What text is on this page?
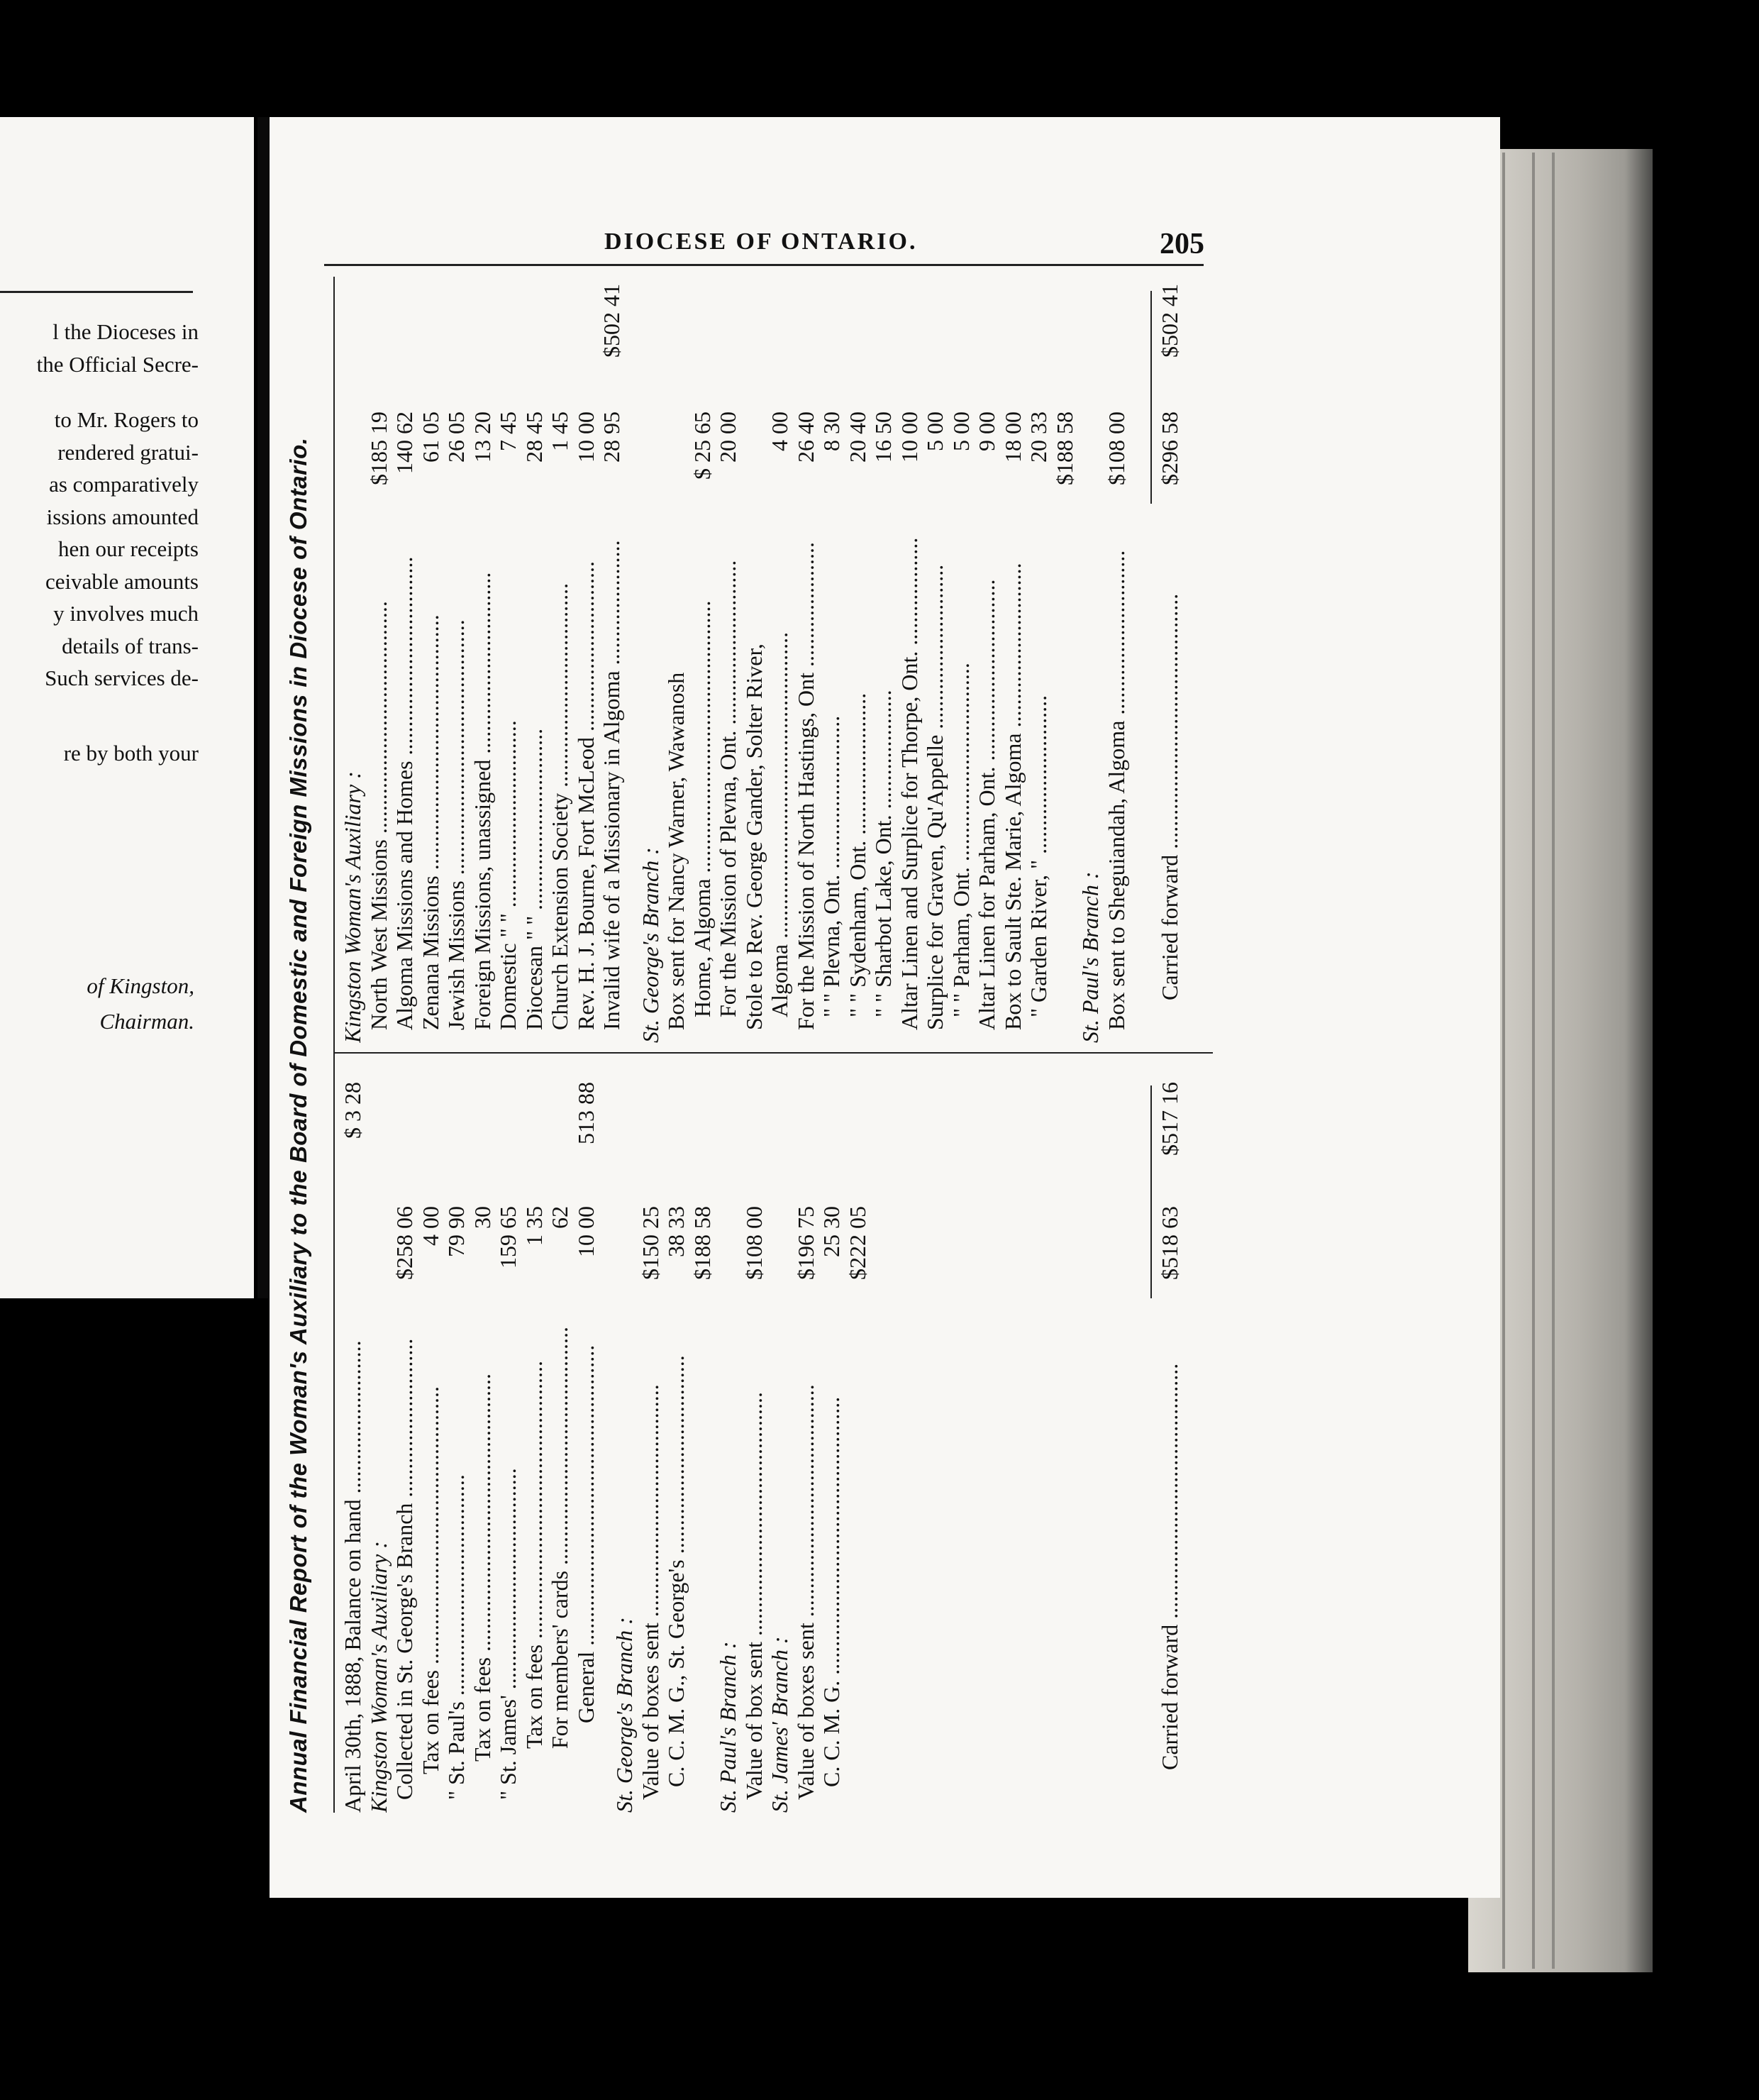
l the Dioceses in
the Official Secre-
to Mr. Rogers to
rendered gratui-
as comparatively
issions amounted
hen our receipts
ceivable amounts
y involves much
details of trans-
Such services de-
re by both your
of Kingston,
Chairman.
DIOCESE OF ONTARIO.	205
Annual Financial Report of the Woman's Auxiliary to the Board of Domestic and Foreign Missions in Diocese of Ontario. April 30th, 1888, Balance on hand ...........................
$ 3 28
Kingston Woman's Auxiliary : Collected in St. George's Branch ............................
$258 06
Tax on fees .................................................
4 00
" St. Paul's .......................................
79 90
Tax on fees .................................................
30
" St. James' .......................................
159 65
Tax on fees .................................................
1 35
For members' cards ..........................................
62
General .....................................................
10 00
513 88
St. George's Branch : Value of boxes sent .........................................
$150 25
C. C. M. G., St. George's ...................................
38 33 $188 58
St. Paul's Branch : Value of box sent ...........................................
$108 00
St. James' Branch : Value of boxes sent .........................................
$196 75
C. C. M. G. .................................................
25 30 $222 05
Carried forward .............................................
$518 63
$517 16
Kingston Woman's Auxiliary : North West Missions .........................................
$185 19
Algoma Missions and Homes ...................................
140 62
Zenana Missions .............................................
61 05
Jewish Missions .............................................
26 05
Foreign Missions, unassigned ................................
13 20
Domestic " " .................................
7 45
Diocesan " " ................................
28 45
Church Extension Society ....................................
1 45
Rev. H. J. Bourne, Fort McLeod ..............................
10 00
Invalid wife of a Missionary in Algoma ......................
28 95
$502 41
St. George's Branch : Box sent for Nancy Warner, Wawanosh Home, Algoma ................................................
$ 25 65
For the Mission of Plevna, Ont. .............................
20 00
Stole to Rev. George Gander, Solter River, Algoma ......................................................
4 00
For the Mission of North Hastings, Ont ......................
26 40
" " Plevna, Ont. ...........................
8 30
" " Sydenham, Ont. .........................
20 40
" " Sharbot Lake, Ont. .....................
16 50
Altar Linen and Surplice for Thorpe, Ont. ...................
10 00
Surplice for Graven, Qu'Appelle .............................
5 00
" " Parham, Ont. ...................................
5 00
Altar Linen for Parham, Ont. ................................
9 00
Box to Sault Ste. Marie, Algoma .............................
18 00
" Garden River, " ............................
20 33 $188 58
St. Paul's Branch : Box sent to Sheguiandah, Algoma .............................
$108 00
Carried forward .............................................
$296 58
$502 41
